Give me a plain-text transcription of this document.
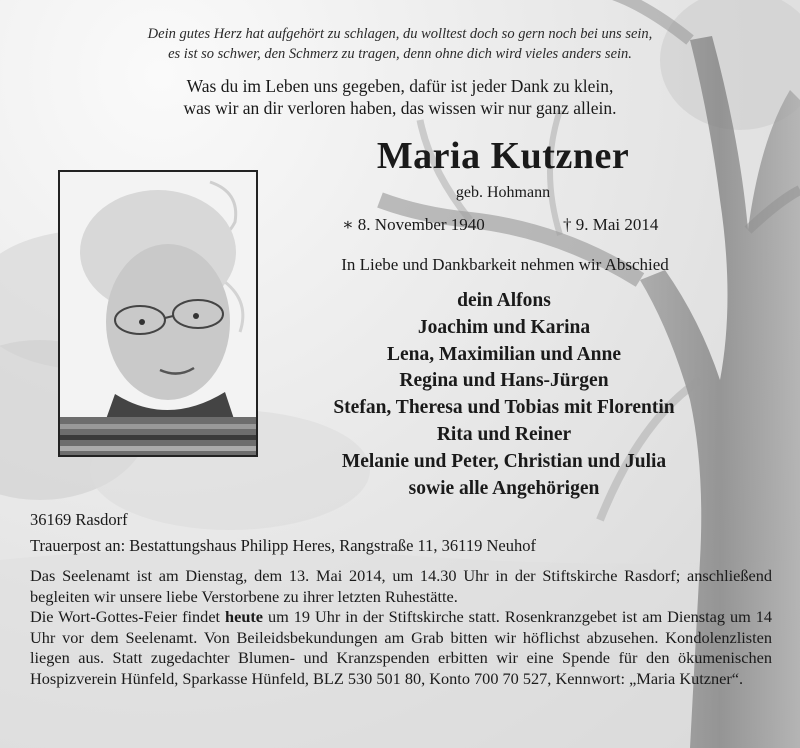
Dein gutes Herz hat aufgehört zu schlagen, du wolltest doch so gern noch bei uns sein,
es ist so schwer, den Schmerz zu tragen, denn ohne dich wird vieles anders sein.
Was du im Leben uns gegeben, dafür ist jeder Dank zu klein,
was wir an dir verloren haben, das wissen wir nur ganz allein.
Maria Kutzner
geb. Hohmann
∗ 8. November 1940	† 9. Mai 2014
In Liebe und Dankbarkeit nehmen wir Abschied
dein Alfons
Joachim und Karina
Lena, Maximilian und Anne
Regina und Hans-Jürgen
Stefan, Theresa und Tobias mit Florentin
Rita und Reiner
Melanie und Peter, Christian und Julia
sowie alle Angehörigen
36169 Rasdorf
Trauerpost an: Bestattungshaus Philipp Heres, Rangstraße 11, 36119 Neuhof

Das Seelenamt ist am Dienstag, dem 13. Mai 2014, um 14.30 Uhr in der Stiftskirche Rasdorf; anschließend begleiten wir unsere liebe Verstorbene zu ihrer letzten Ruhestätte.

Die Wort-Gottes-Feier findet heute um 19 Uhr in der Stiftskirche statt. Rosenkranzgebet ist am Dienstag um 14 Uhr vor dem Seelenamt. Von Beileidsbekundungen am Grab bitten wir höflichst abzusehen. Kondolenzlisten liegen aus. Statt zugedachter Blumen- und Kranzspenden erbitten wir eine Spende für den ökumenischen Hospizverein Hünfeld, Sparkasse Hünfeld, BLZ 530 501 80, Konto 700 70 527, Kennwort: „Maria Kutzner“.
